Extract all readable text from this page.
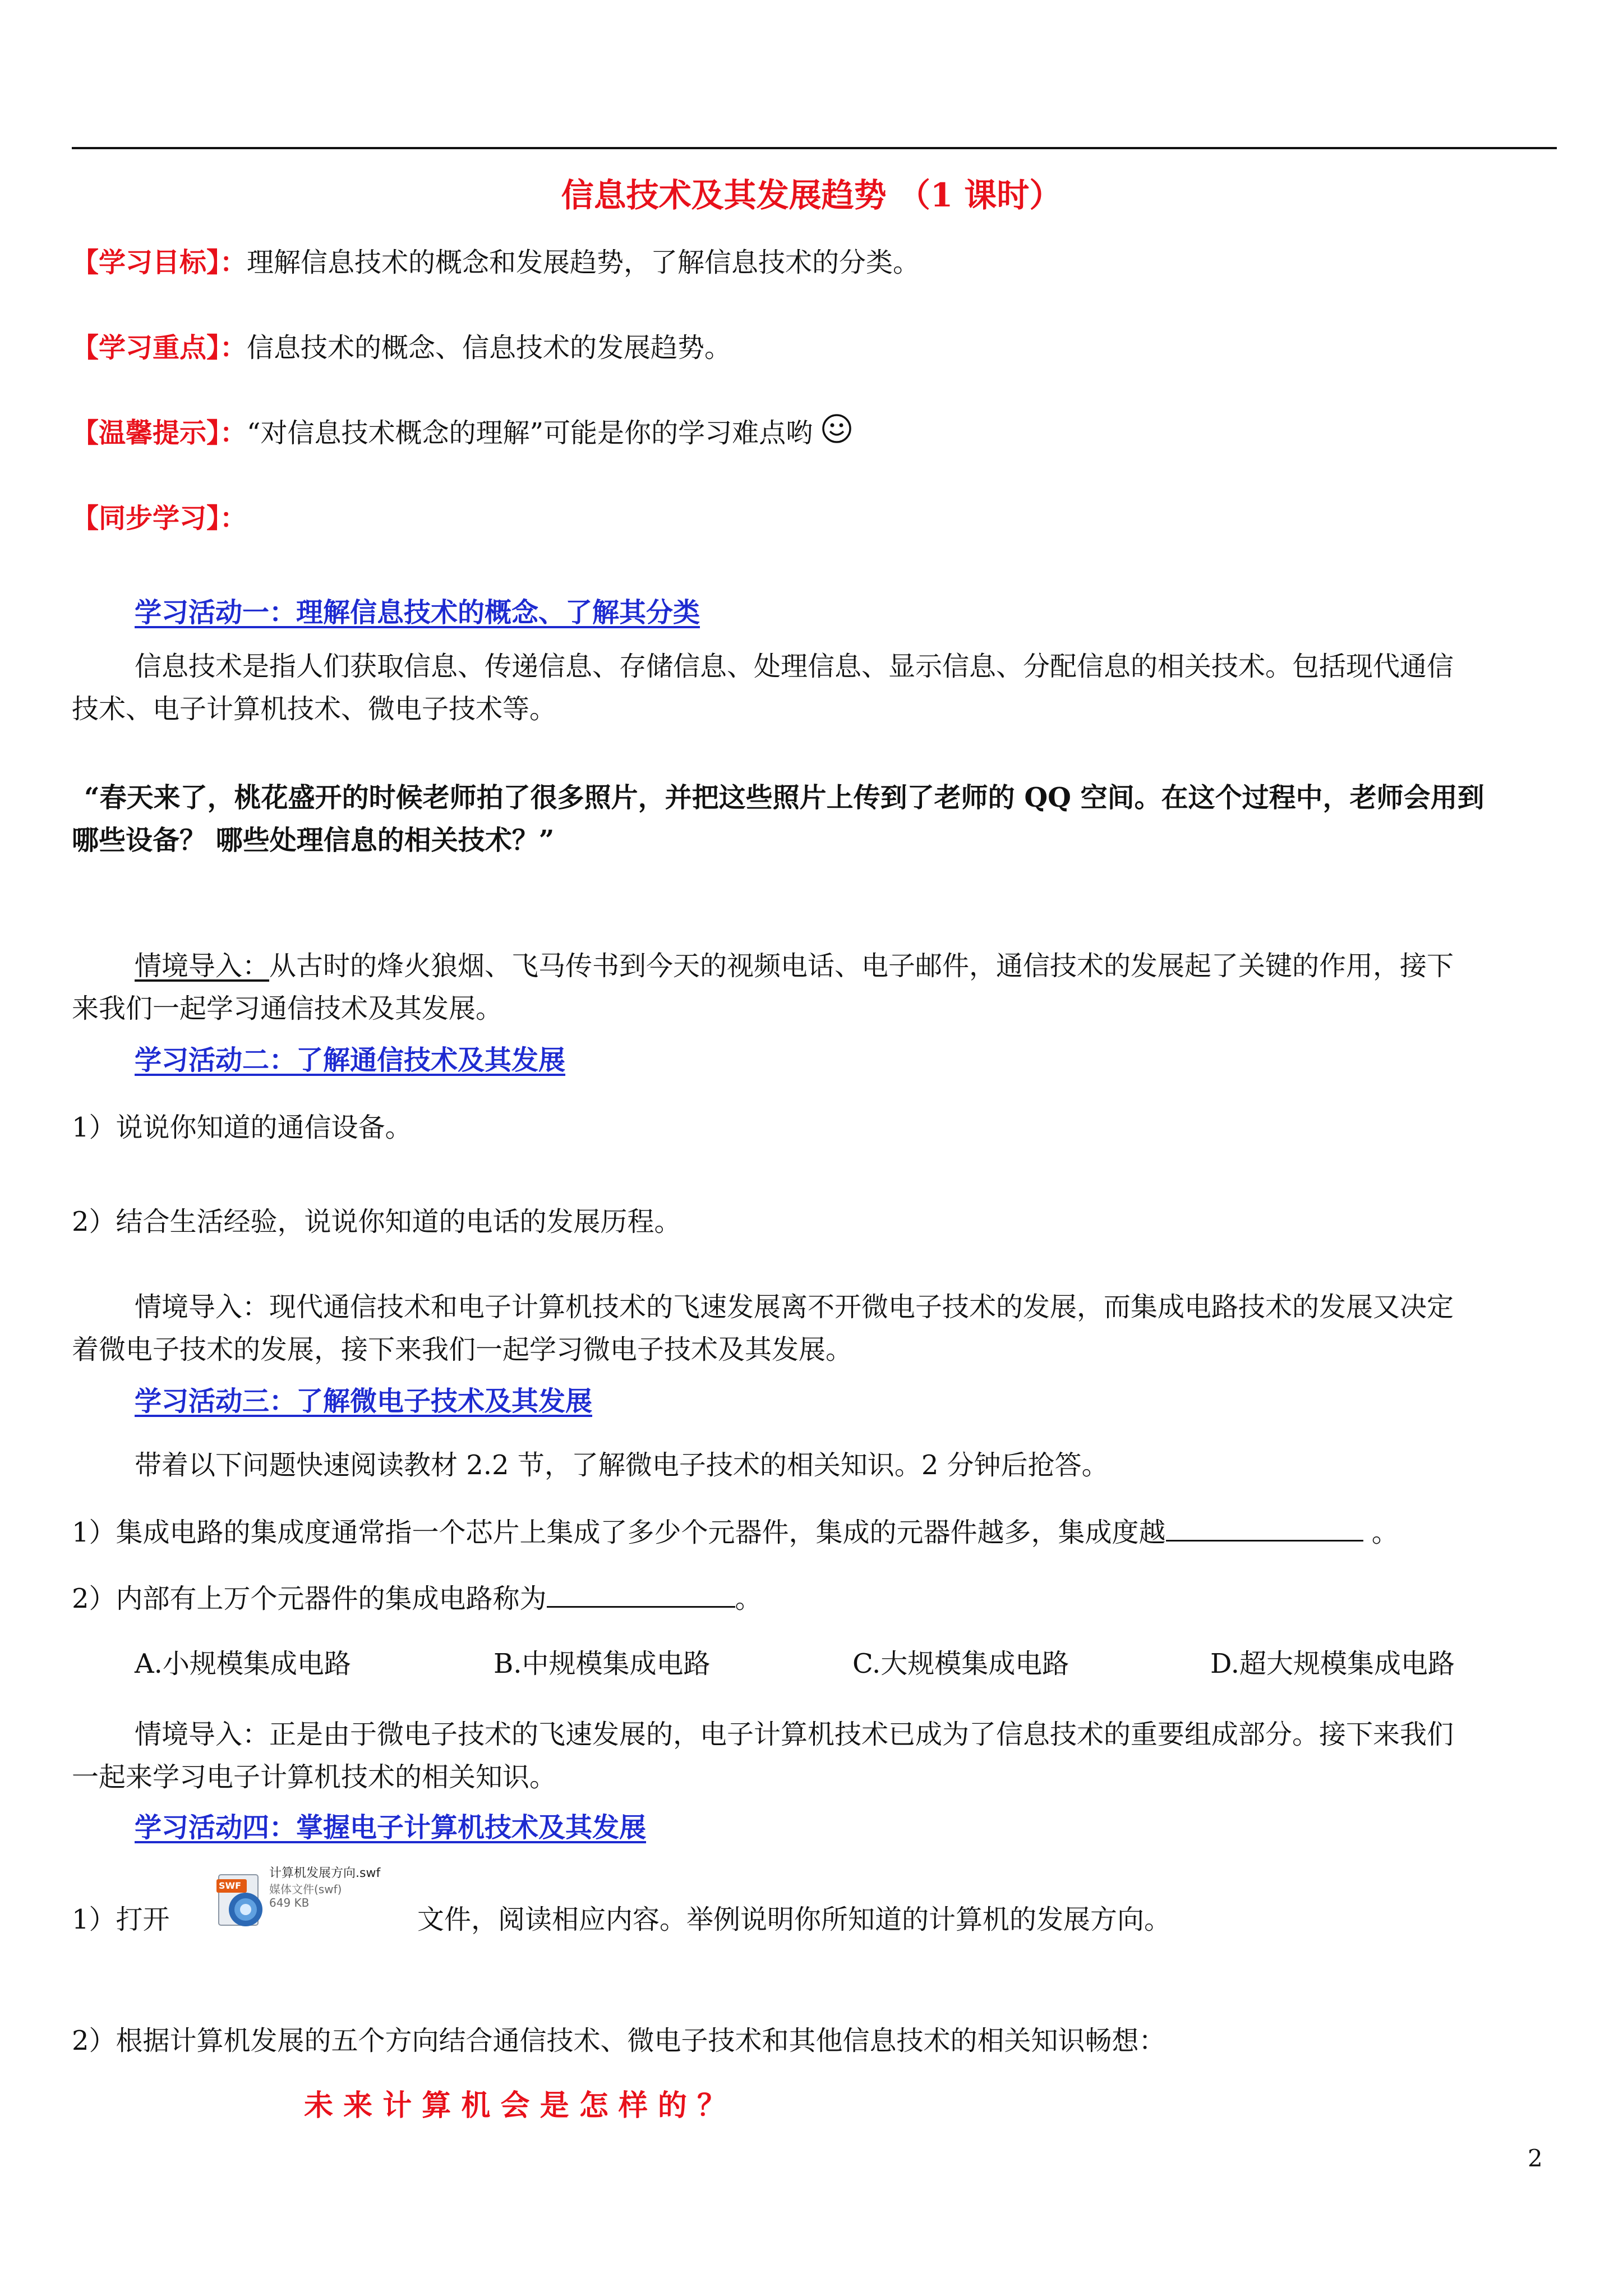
信息技术及其发展趋势 （1 课时）
【学习目标】：理解信息技术的概念和发展趋势，了解信息技术的分类。
【学习重点】：信息技术的概念、信息技术的发展趋势。
【温馨提示】：“对信息技术概念的理解”可能是你的学习难点哟
【同步学习】：
学习活动一：理解信息技术的概念、了解其分类
信息技术是指人们获取信息、传递信息、存储信息、处理信息、显示信息、分配信息的相关技术。包括现代通信
技术、电子计算机技术、微电子技术等。
“春天来了，桃花盛开的时候老师拍了很多照片，并把这些照片上传到了老师的 QQ 空间。在这个过程中，老师会用到
哪些设备？ 哪些处理信息的相关技术？”
情境导入：从古时的烽火狼烟、飞马传书到今天的视频电话、电子邮件，通信技术的发展起了关键的作用，接下
来我们一起学习通信技术及其发展。
学习活动二：了解通信技术及其发展
1）说说你知道的通信设备。
2）结合生活经验，说说你知道的电话的发展历程。
情境导入：现代通信技术和电子计算机技术的飞速发展离不开微电子技术的发展，而集成电路技术的发展又决定
着微电子技术的发展，接下来我们一起学习微电子技术及其发展。
学习活动三：了解微电子技术及其发展
带着以下问题快速阅读教材 2.2 节，了解微电子技术的相关知识。2 分钟后抢答。
1）集成电路的集成度通常指一个芯片上集成了多少个元器件，集成的元器件越多，集成度越	。
2）内部有上万个元器件的集成电路称为	。
A.小规模集成电路	B.中规模集成电路	C.大规模集成电路	D.超大规模集成电路
情境导入：正是由于微电子技术的飞速发展的，电子计算机技术已成为了信息技术的重要组成部分。接下来我们
一起来学习电子计算机技术的相关知识。
学习活动四：掌握电子计算机技术及其发展
1）打开
SWF
计算机发展方向.swf
媒体文件(swf)
649 KB
文件，阅读相应内容。举例说明你所知道的计算机的发展方向。
2）根据计算机发展的五个方向结合通信技术、微电子技术和其他信息技术的相关知识畅想：
未 来 计 算 机 会 是 怎 样 的 ？
2
